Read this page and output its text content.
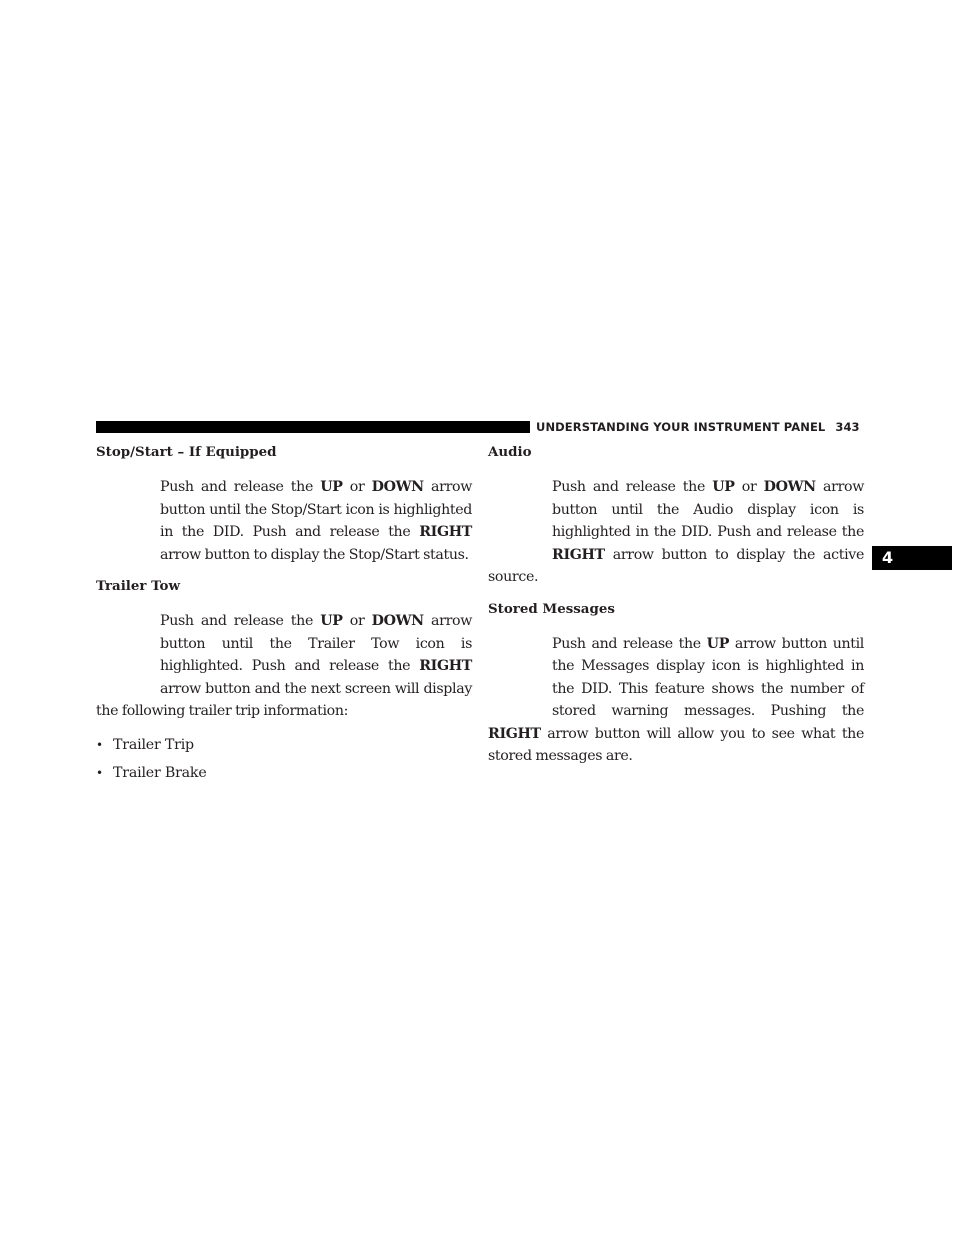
UNDERSTANDING YOUR INSTRUMENT PANEL 343
4
Stop/Start – If Equipped

Push and release the UP or DOWN arrow button until the Stop/Start icon is highlighted in the DID. Push and release the RIGHT arrow button to display the Stop/Start status.

Trailer Tow

Push and release the UP or DOWN arrow button until the Trailer Tow icon is highlighted. Push and release the RIGHT arrow button and the next screen will display the following trailer trip information:

• Trailer Trip
• Trailer Brake
Audio

Push and release the UP or DOWN arrow button until the Audio display icon is highlighted in the DID. Push and release the RIGHT arrow button to display the active source.

Stored Messages

Push and release the UP arrow button until the Messages display icon is highlighted in the DID. This feature shows the number of stored warning messages. Pushing the RIGHT arrow button will allow you to see what the stored messages are.
